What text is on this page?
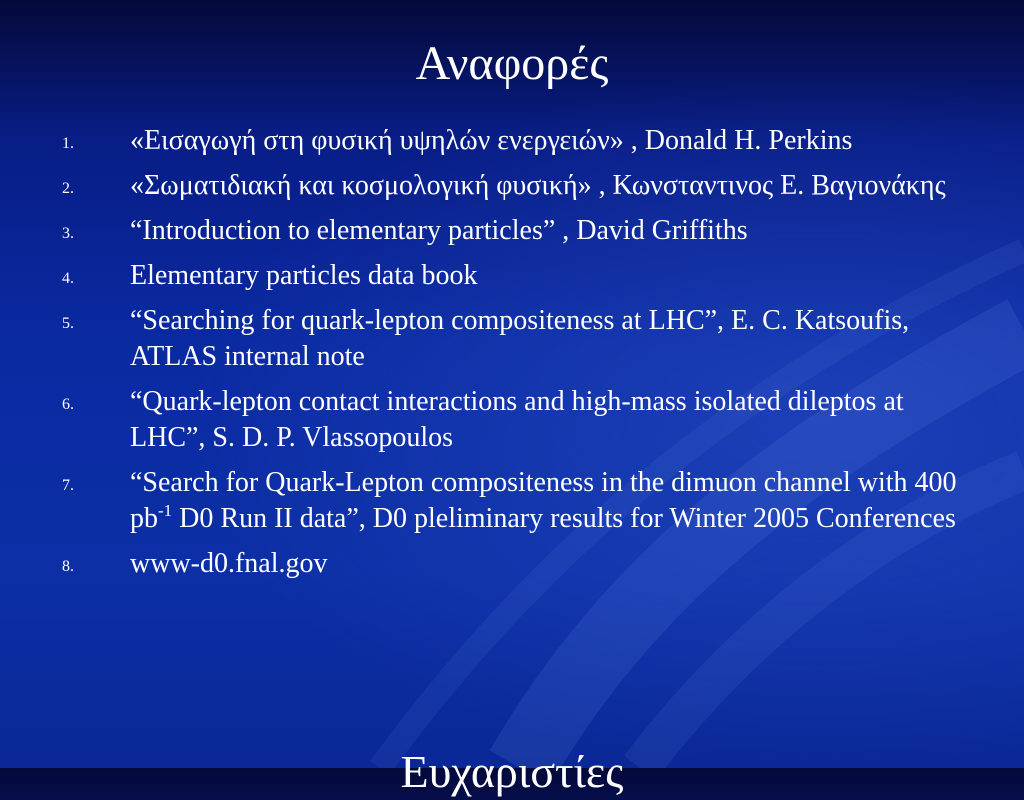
Αναφορές
1. «Εισαγωγή στη φυσική υψηλών ενεργειών» , Donald H. Perkins
2. «Σωματιδιακή και κοσμολογική φυσική» , Κωνσταντινος Ε. Βαγιονάκης
3. “Introduction to elementary particles” , David Griffiths
4. Elementary particles data book
5. “Searching for quark-lepton compositeness at LHC”, E. C. Katsoufis, ATLAS internal note
6. “Quark-lepton contact interactions and high-mass isolated dileptos at LHC”, S. D. P. Vlassopoulos
7. “Search for Quark-Lepton compositeness in the dimuon channel with 400 $pb^{-1}$ D0 Run II data”, D0 pleliminary results for Winter 2005 Conferences
8. www-d0.fnal.gov
Ευχαριστίες
